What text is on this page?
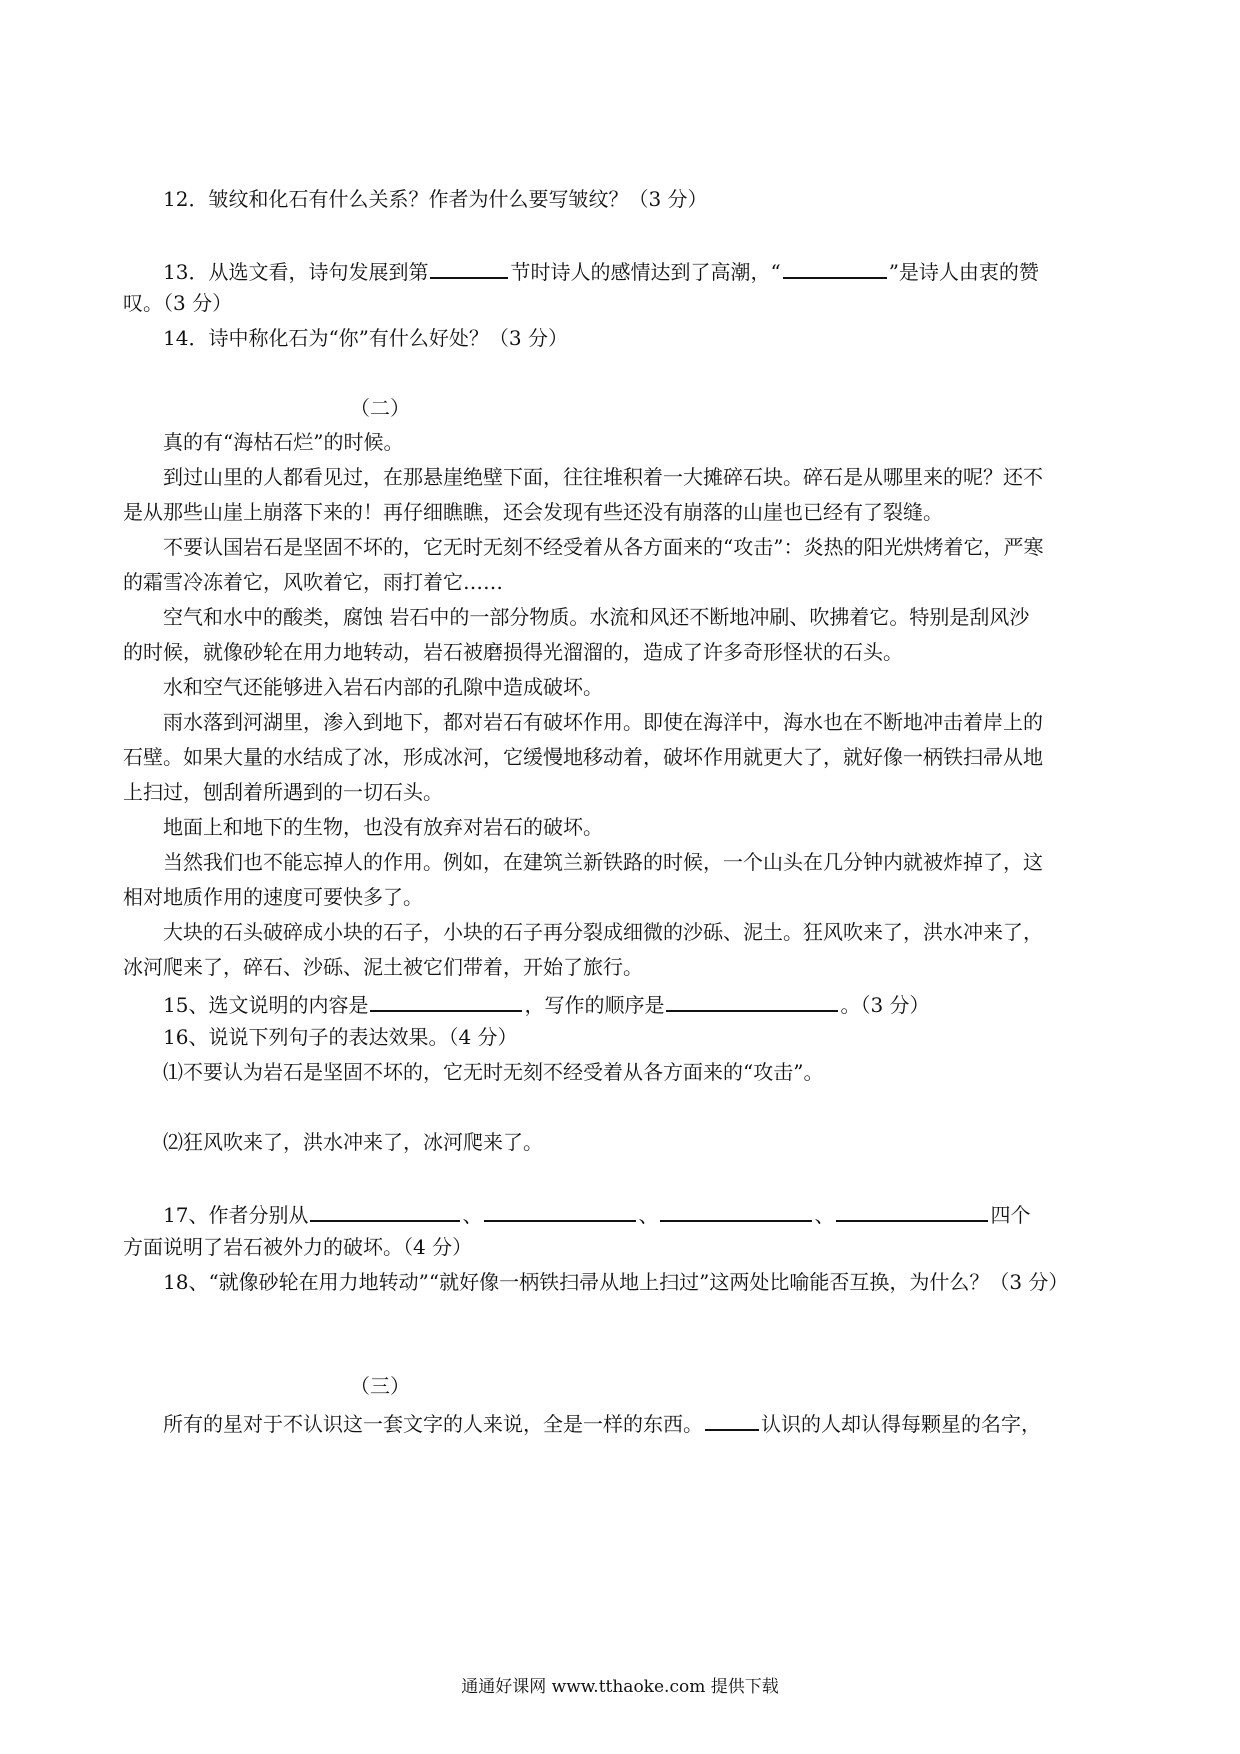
12．皱纹和化石有什么关系？作者为什么要写皱纹？（3 分）
13．从选文看，诗句发展到第	节时诗人的感情达到了高潮，“	”是诗人由衷的赞
叹。（3 分）
14．诗中称化石为“你”有什么好处？（3 分）
（二）
真的有“海枯石烂”的时候。
到过山里的人都看见过，在那悬崖绝壁下面，往往堆积着一大摊碎石块。碎石是从哪里来的呢？还不
是从那些山崖上崩落下来的！再仔细瞧瞧，还会发现有些还没有崩落的山崖也已经有了裂缝。
不要认国岩石是坚固不坏的，它无时无刻不经受着从各方面来的“攻击”：炎热的阳光烘烤着它，严寒
的霜雪冷冻着它，风吹着它，雨打着它……
空气和水中的酸类，腐蚀 岩石中的一部分物质。水流和风还不断地冲刷、吹拂着它。特别是刮风沙
的时候，就像砂轮在用力地转动，岩石被磨损得光溜溜的，造成了许多奇形怪状的石头。
水和空气还能够进入岩石内部的孔隙中造成破坏。
雨水落到河湖里，渗入到地下，都对岩石有破坏作用。即使在海洋中，海水也在不断地冲击着岸上的
石壁。如果大量的水结成了冰，形成冰河，它缓慢地移动着，破坏作用就更大了，就好像一柄铁扫帚从地
上扫过，刨刮着所遇到的一切石头。
地面上和地下的生物，也没有放弃对岩石的破坏。
当然我们也不能忘掉人的作用。例如，在建筑兰新铁路的时候，一个山头在几分钟内就被炸掉了，这
相对地质作用的速度可要快多了。
大块的石头破碎成小块的石子，小块的石子再分裂成细微的沙砾、泥土。狂风吹来了，洪水冲来了，
冰河爬来了，碎石、沙砾、泥土被它们带着，开始了旅行。
15、选文说明的内容是	，写作的顺序是	。（3 分）
16、说说下列句子的表达效果。（4 分）
⑴不要认为岩石是坚固不坏的，它无时无刻不经受着从各方面来的“攻击”。
⑵狂风吹来了，洪水冲来了，冰河爬来了。
17、作者分别从	、	、	、	四个
方面说明了岩石被外力的破坏。（4 分）
18、“就像砂轮在用力地转动”“就好像一柄铁扫帚从地上扫过”这两处比喻能否互换，为什么？（3 分）
（三）
所有的星对于不认识这一套文字的人来说，全是一样的东西。	认识的人却认得每颗星的名字，
通通好课网 www.tthaoke.com 提供下载
